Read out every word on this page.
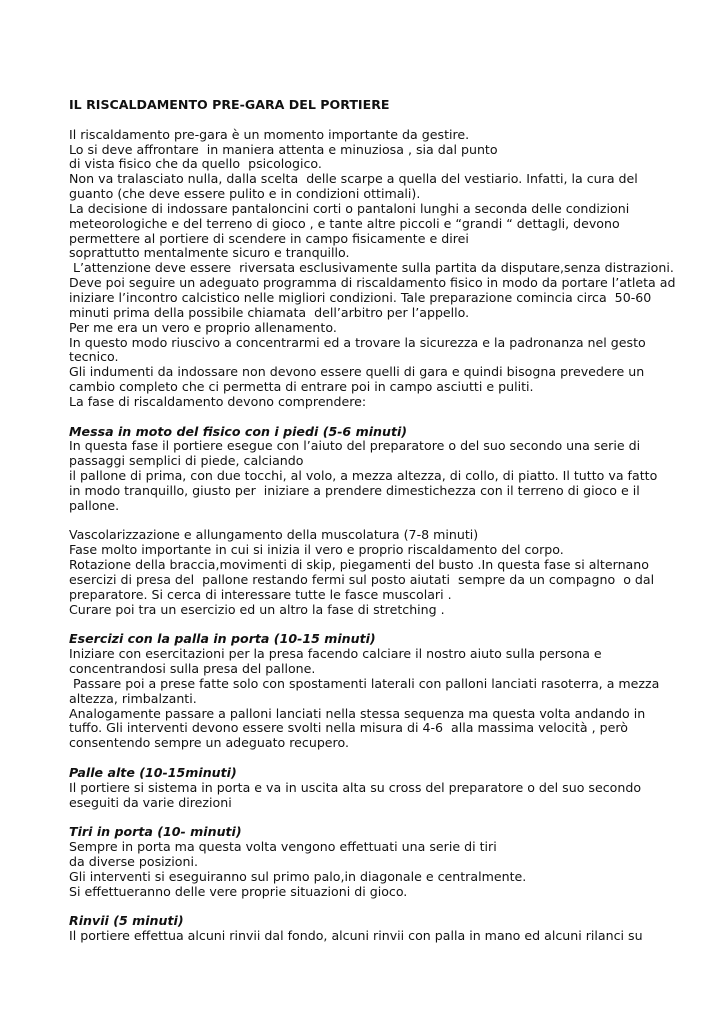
IL RISCALDAMENTO PRE-GARA DEL PORTIERE
Il riscaldamento pre-gara è un momento importante da gestire.
Lo si deve affrontare  in maniera attenta e minuziosa , sia dal punto
di vista fisico che da quello  psicologico.
Non va tralasciato nulla, dalla scelta  delle scarpe a quella del vestiario. Infatti, la cura del
guanto (che deve essere pulito e in condizioni ottimali).
La decisione di indossare pantaloncini corti o pantaloni lunghi a seconda delle condizioni
meteorologiche e del terreno di gioco , e tante altre piccoli e “grandi “ dettagli, devono
permettere al portiere di scendere in campo fisicamente e direi
soprattutto mentalmente sicuro e tranquillo.
L’attenzione deve essere  riversata esclusivamente sulla partita da disputare,senza distrazioni.
Deve poi seguire un adeguato programma di riscaldamento fisico in modo da portare l’atleta ad
iniziare l’incontro calcistico nelle migliori condizioni. Tale preparazione comincia circa  50-60
minuti prima della possibile chiamata  dell’arbitro per l’appello.
Per me era un vero e proprio allenamento.
In questo modo riuscivo a concentrarmi ed a trovare la sicurezza e la padronanza nel gesto
tecnico.
Gli indumenti da indossare non devono essere quelli di gara e quindi bisogna prevedere un
cambio completo che ci permetta di entrare poi in campo asciutti e puliti.
La fase di riscaldamento devono comprendere:
Messa in moto del fisico con i piedi (5-6 minuti)
In questa fase il portiere esegue con l’aiuto del preparatore o del suo secondo una serie di
passaggi semplici di piede, calciando
il pallone di prima, con due tocchi, al volo, a mezza altezza, di collo, di piatto. Il tutto va fatto
in modo tranquillo, giusto per  iniziare a prendere dimestichezza con il terreno di gioco e il
pallone.
Vascolarizzazione e allungamento della muscolatura (7-8 minuti)
Fase molto importante in cui si inizia il vero e proprio riscaldamento del corpo.
Rotazione della braccia,movimenti di skip, piegamenti del busto .In questa fase si alternano
esercizi di presa del  pallone restando fermi sul posto aiutati  sempre da un compagno  o dal
preparatore. Si cerca di interessare tutte le fasce muscolari .
Curare poi tra un esercizio ed un altro la fase di stretching .
Esercizi con la palla in porta (10-15 minuti)
Iniziare con esercitazioni per la presa facendo calciare il nostro aiuto sulla persona e
concentrandosi sulla presa del pallone.
Passare poi a prese fatte solo con spostamenti laterali con palloni lanciati rasoterra, a mezza
altezza, rimbalzanti.
Analogamente passare a palloni lanciati nella stessa sequenza ma questa volta andando in
tuffo. Gli interventi devono essere svolti nella misura di 4-6  alla massima velocità , però
consentendo sempre un adeguato recupero.
Palle alte (10-15minuti)
Il portiere si sistema in porta e va in uscita alta su cross del preparatore o del suo secondo
eseguiti da varie direzioni
Tiri in porta (10- minuti)
Sempre in porta ma questa volta vengono effettuati una serie di tiri
da diverse posizioni.
Gli interventi si eseguiranno sul primo palo,in diagonale e centralmente.
Si effettueranno delle vere proprie situazioni di gioco.
Rinvii (5 minuti)
Il portiere effettua alcuni rinvii dal fondo, alcuni rinvii con palla in mano ed alcuni rilanci su
